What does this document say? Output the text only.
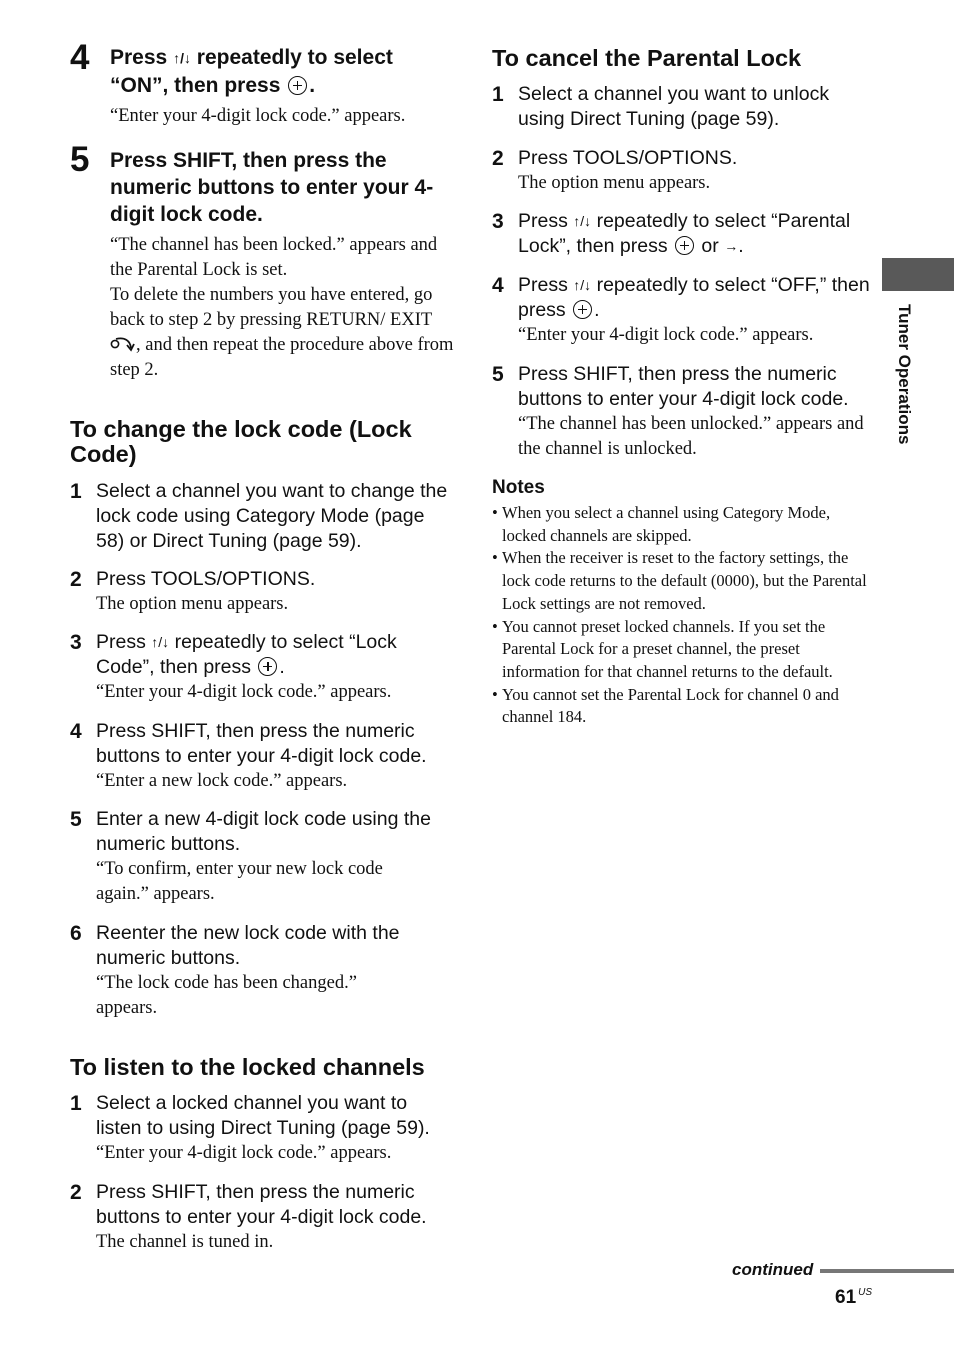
4 Press ↑/↓ repeatedly to select “ON”, then press .
“Enter your 4-digit lock code.” appears.
5 Press SHIFT, then press the numeric buttons to enter your 4-digit lock code.
“The channel has been locked.” appears and the Parental Lock is set.
To delete the numbers you have entered, go back to step 2 by pressing RETURN/ EXIT , and then repeat the procedure above from step 2.
To change the lock code (Lock Code)
1 Select a channel you want to change the lock code using Category Mode (page 58) or Direct Tuning (page 59).
2 Press TOOLS/OPTIONS.
The option menu appears.
3 Press ↑/↓ repeatedly to select “Lock Code”, then press .
“Enter your 4-digit lock code.” appears.
4 Press SHIFT, then press the numeric buttons to enter your 4-digit lock code.
“Enter a new lock code.” appears.
5 Enter a new 4-digit lock code using the numeric buttons.
“To confirm, enter your new lock code again.” appears.
6 Reenter the new lock code with the numeric buttons.
“The lock code has been changed.” appears.
To listen to the locked channels
1 Select a locked channel you want to listen to using Direct Tuning (page 59).
“Enter your 4-digit lock code.” appears.
2 Press SHIFT, then press the numeric buttons to enter your 4-digit lock code.
The channel is tuned in.
To cancel the Parental Lock
1 Select a channel you want to unlock using Direct Tuning (page 59).
2 Press TOOLS/OPTIONS.
The option menu appears.
3 Press ↑/↓ repeatedly to select “Parental Lock”, then press  or →.
4 Press ↑/↓ repeatedly to select “OFF,” then press .
“Enter your 4-digit lock code.” appears.
5 Press SHIFT, then press the numeric buttons to enter your 4-digit lock code.
“The channel has been unlocked.” appears and the channel is unlocked.
Notes
• When you select a channel using Category Mode, locked channels are skipped.
• When the receiver is reset to the factory settings, the lock code returns to the default (0000), but the Parental Lock settings are not removed.
• You cannot preset locked channels. If you set the Parental Lock for a preset channel, the preset information for that channel returns to the default.
• You cannot set the Parental Lock for channel 0 and channel 184.
Tuner Operations
continued
61 $^{US}$
